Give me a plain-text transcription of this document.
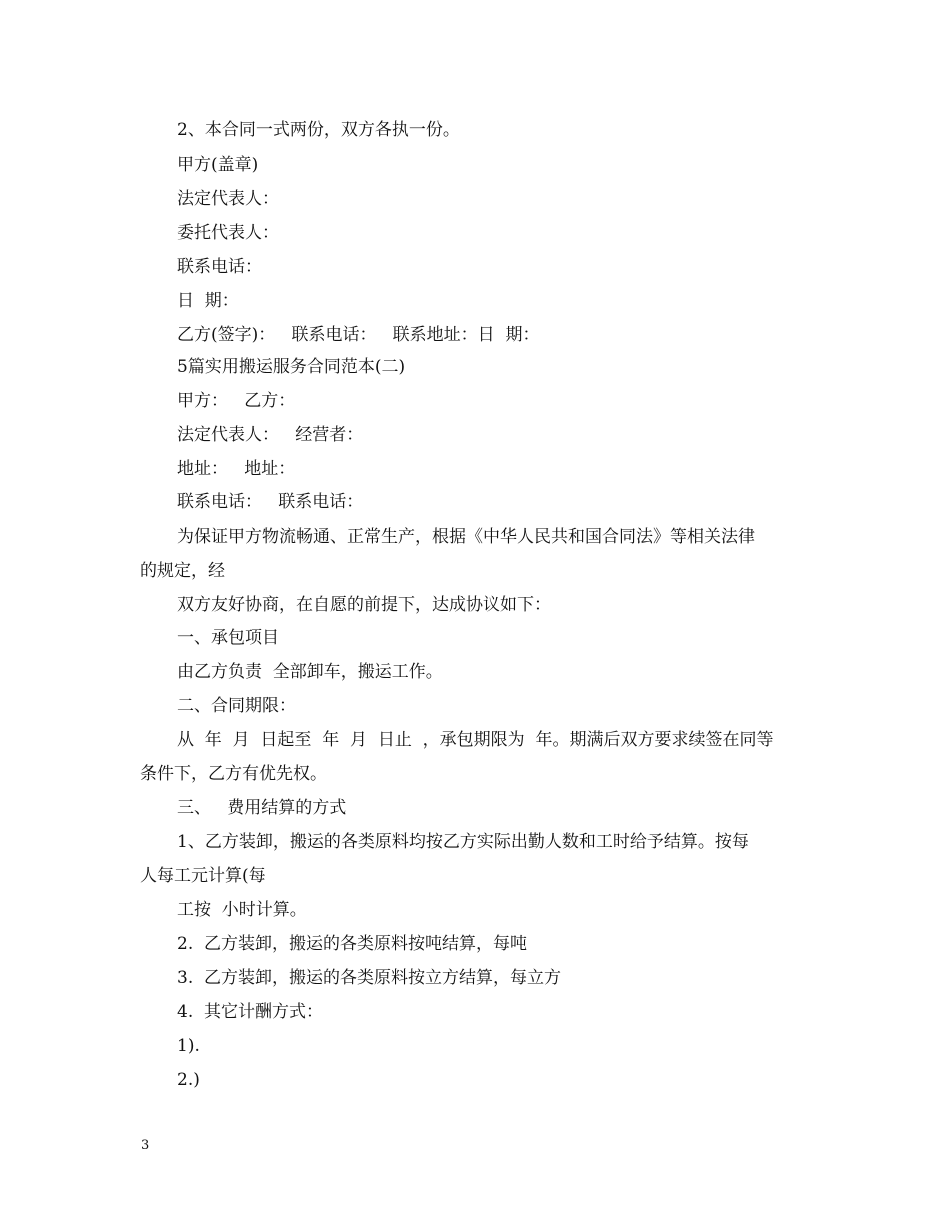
2、本合同一式两份，双方各执一份。
甲方(盖章)
法定代表人：
委托代表人：
联系电话：
日  期：
乙方(签字)：   联系电话：   联系地址：日  期：
5篇实用搬运服务合同范本(二)
甲方：   乙方：
法定代表人：   经营者：
地址：   地址：
联系电话：   联系电话：
为保证甲方物流畅通、正常生产，根据《中华人民共和国合同法》等相关法律
的规定，经
双方友好协商，在自愿的前提下，达成协议如下：
一、承包项目
由乙方负责  全部卸车，搬运工作。
二、合同期限：
从  年  月  日起至  年  月  日止  ，承包期限为  年。期满后双方要求续签在同等
条件下，乙方有优先权。
三、   费用结算的方式
1、乙方装卸，搬运的各类原料均按乙方实际出勤人数和工时给予结算。按每
人每工元计算(每
工按  小时计算。
2.  乙方装卸，搬运的各类原料按吨结算，每吨
3.  乙方装卸，搬运的各类原料按立方结算，每立方
4.  其它计酬方式：
1).
2.)
3
